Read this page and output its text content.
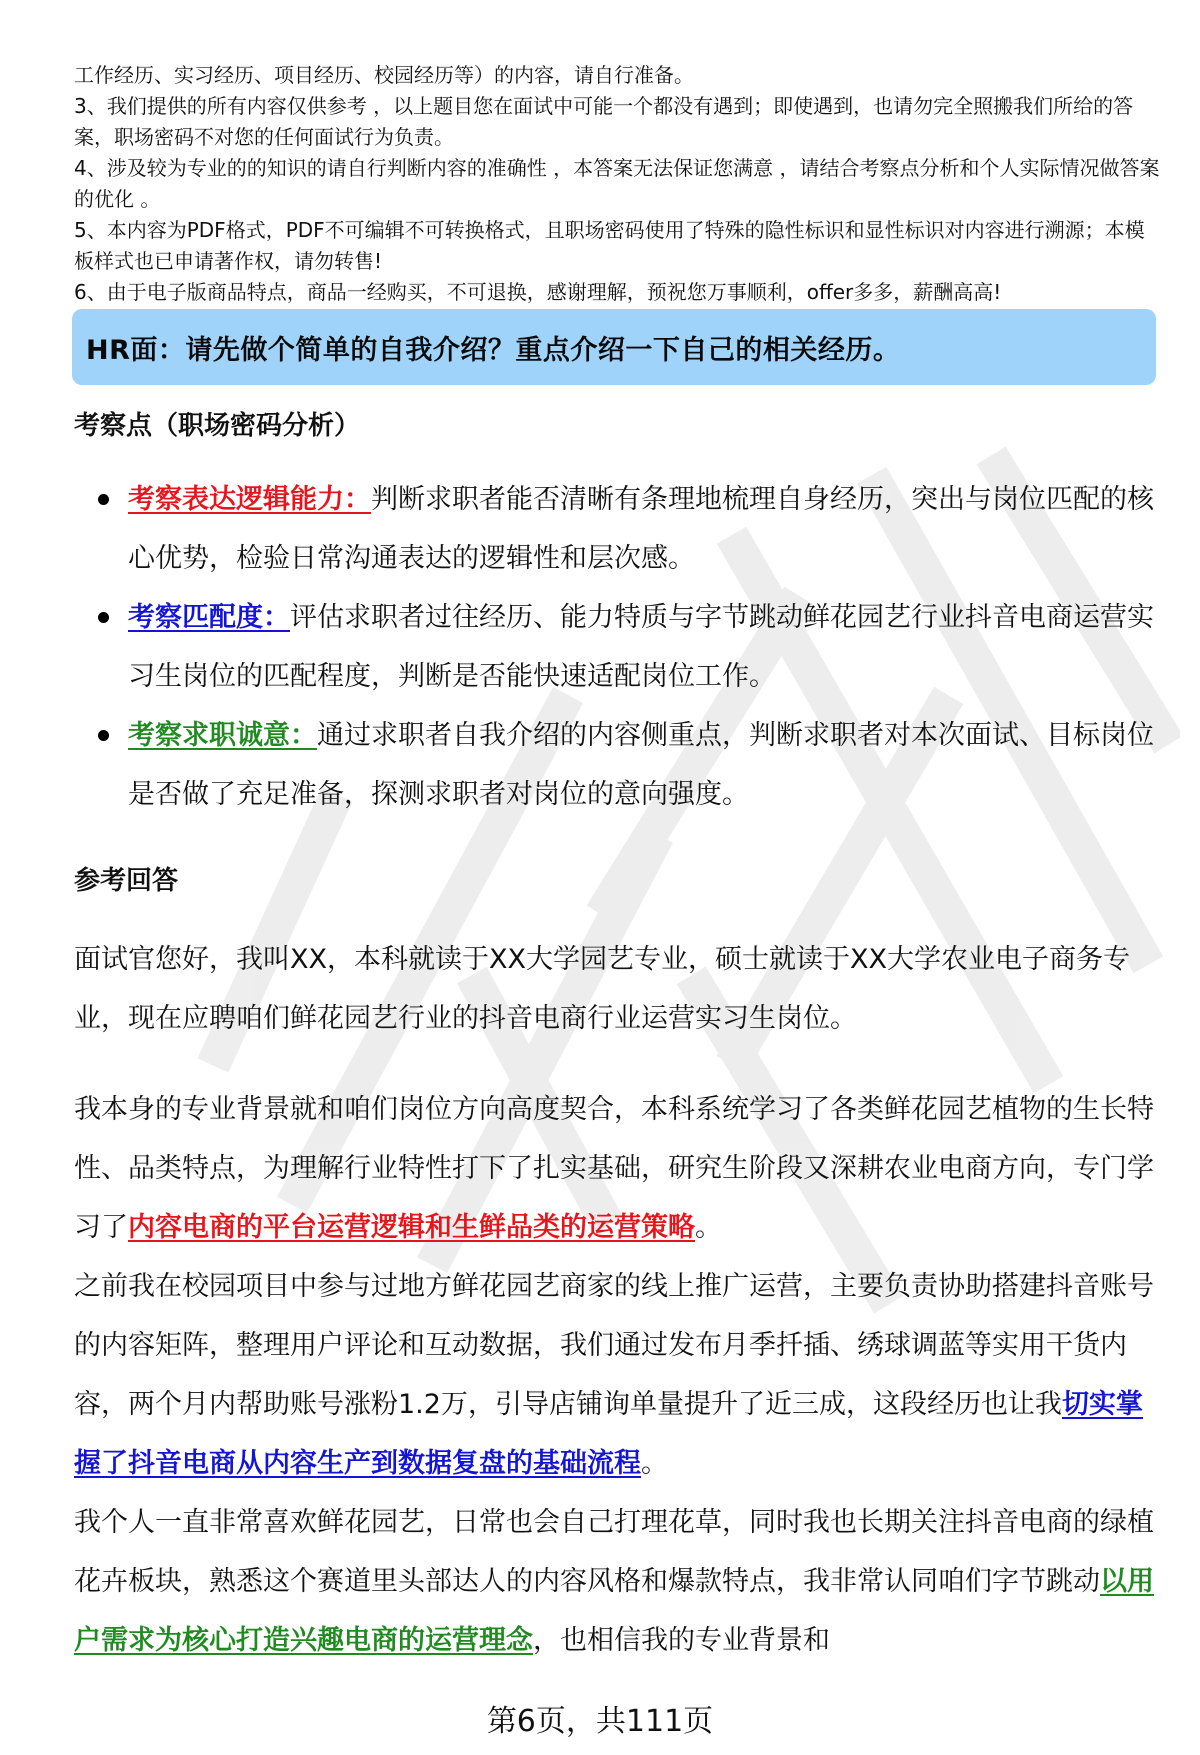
工作经历、实习经历、项目经历、校园经历等）的内容，请自行准备。

3、我们提供的所有内容仅供参考 ，以上题目您在面试中可能一个都没有遇到；即使遇到，也请勿完全照搬我们所给的答案，职场密码不对您的任何面试行为负责。

4、涉及较为专业的的知识的请自行判断内容的准确性 ，本答案无法保证您满意 ，请结合考察点分析和个人实际情况做答案的优化 。

5、本内容为PDF格式，PDF不可编辑不可转换格式，且职场密码使用了特殊的隐性标识和显性标识对内容进行溯源；本模板样式也已申请著作权，请勿转售!

6、由于电子版商品特点，商品一经购买，不可退换，感谢理解，预祝您万事顺利，offer多多，薪酬高高!

HR面：请先做个简单的自我介绍？重点介绍一下自己的相关经历。
考察点（职场密码分析）
考察表达逻辑能力：判断求职者能否清晰有条理地梳理自身经历，突出与岗位匹配的核心优势，检验日常沟通表达的逻辑性和层次感。
考察匹配度：评估求职者过往经历、能力特质与字节跳动鲜花园艺行业抖音电商运营实习生岗位的匹配程度，判断是否能快速适配岗位工作。
考察求职诚意：通过求职者自我介绍的内容侧重点，判断求职者对本次面试、目标岗位是否做了充足准备，探测求职者对岗位的意向强度。
参考回答

面试官您好，我叫XX，本科就读于XX大学园艺专业，硕士就读于XX大学农业电子商务专业，现在应聘咱们鲜花园艺行业的抖音电商行业运营实习生岗位。

我本身的专业背景就和咱们岗位方向高度契合，本科系统学习了各类鲜花园艺植物的生长特性、品类特点，为理解行业特性打下了扎实基础，研究生阶段又深耕农业电商方向，专门学习了内容电商的平台运营逻辑和生鲜品类的运营策略。

之前我在校园项目中参与过地方鲜花园艺商家的线上推广运营，主要负责协助搭建抖音账号的内容矩阵，整理用户评论和互动数据，我们通过发布月季扦插、绣球调蓝等实用干货内容，两个月内帮助账号涨粉1.2万，引导店铺询单量提升了近三成，这段经历也让我切实掌握了抖音电商从内容生产到数据复盘的基础流程。

我个人一直非常喜欢鲜花园艺，日常也会自己打理花草，同时我也长期关注抖音电商的绿植花卉板块，熟悉这个赛道里头部达人的内容风格和爆款特点，我非常认同咱们字节跳动以用户需求为核心打造兴趣电商的运营理念，也相信我的专业背景和

第6页，共111页
